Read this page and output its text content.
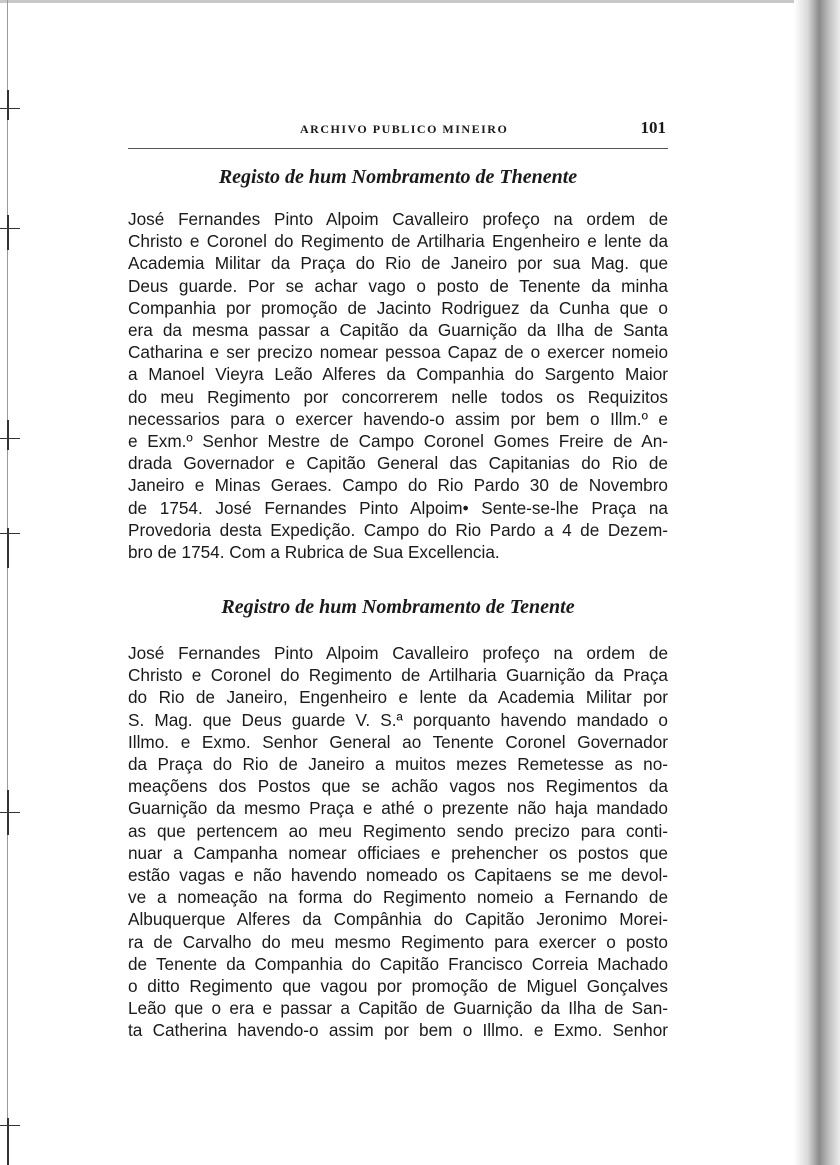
ARCHIVO PUBLICO MINEIRO	101
Registo de hum Nombramento de Thenente
José Fernandes Pinto Alpoim Cavalleiro profeço na ordem de
Christo e Coronel do Regimento de Artilharia Engenheiro e lente da
Academia Militar da Praça do Rio de Janeiro por sua Mag. que
Deus guarde. Por se achar vago o posto de Tenente da minha
Companhia por promoção de Jacinto Rodriguez da Cunha que o
era da mesma passar a Capitão da Guarnição da Ilha de Santa
Catharina e ser precizo nomear pessoa Capaz de o exercer nomeio
a Manoel Vieyra Leão Alferes da Companhia do Sargento Maior
do meu Regimento por concorrerem nelle todos os Requizitos
necessarios para o exercer havendo-o assim por bem o Illm.º e
e Exm.º Senhor Mestre de Campo Coronel Gomes Freire de An-
drada Governador e Capitão General das Capitanias do Rio de
Janeiro e Minas Geraes. Campo do Rio Pardo 30 de Novembro
de 1754. José Fernandes Pinto Alpoim• Sente-se-lhe Praça na
Provedoria desta Expedição. Campo do Rio Pardo a 4 de Dezem-
bro de 1754. Com a Rubrica de Sua Excellencia.
Registro de hum Nombramento de Tenente
José Fernandes Pinto Alpoim Cavalleiro profeço na ordem de
Christo e Coronel do Regimento de Artilharia Guarnição da Praça
do Rio de Janeiro, Engenheiro e lente da Academia Militar por
S. Mag. que Deus guarde V. S.ª porquanto havendo mandado o
Illmo. e Exmo. Senhor General ao Tenente Coronel Governador
da Praça do Rio de Janeiro a muitos mezes Remetesse as no-
meaçõens dos Postos que se achão vagos nos Regimentos da
Guarnição da mesmo Praça e athé o prezente não haja mandado
as que pertencem ao meu Regimento sendo precizo para conti-
nuar a Campanha nomear officiaes e prehencher os postos que
estão vagas e não havendo nomeado os Capitaens se me devol-
ve a nomeação na forma do Regimento nomeio a Fernando de
Albuquerque Alferes da Compânhia do Capitão Jeronimo Morei-
ra de Carvalho do meu mesmo Regimento para exercer o posto
de Tenente da Companhia do Capitão Francisco Correia Machado
o ditto Regimento que vagou por promoção de Miguel Gonçalves
Leão que o era e passar a Capitão de Guarnição da Ilha de San-
ta Catherina havendo-o assim por bem o Illmo. e Exmo. Senhor
